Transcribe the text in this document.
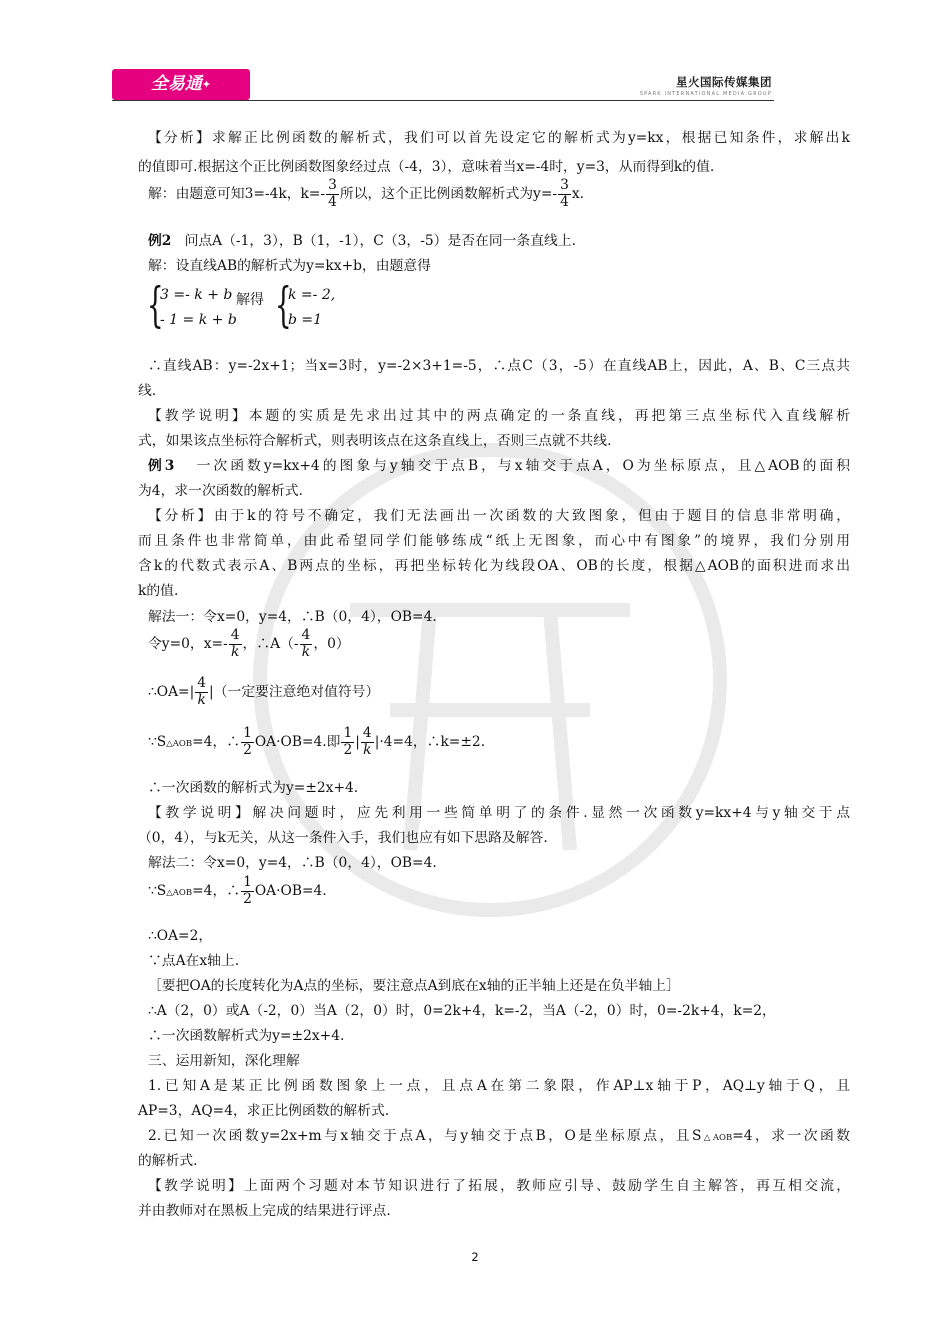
全易通✦	星火国际传媒集团
SPARK INTERNATIONAL MEDIA GROUP
【分析】求解正比例函数的解析式，我们可以首先设定它的解析式为y=kx，根据已知条件，求解出k
的值即可.根据这个正比例函数图象经过点（-4，3），意味着当x=-4时，y=3，从而得到k的值.
解：由题意可知3=-4k，$k=- \frac{3}{4}$ 所以，这个正比例函数解析式为$y=- \frac{3}{4} x$.
例2 问点A（-1，3），B（1，-1），C（3，-5）是否在同一条直线上.
解：设直线AB的解析式为y=kx+b，由题意得
{
3 =- k + b
- 1 = k + b
解得 {
k =- 2,
b =1
∴直线AB：y=-2x+1；当x=3时，y=-2×3+1=-5，∴点C（3，-5）在直线AB上，因此，A、B、C三点共
线.
【教学说明】本题的实质是先求出过其中的两点确定的一条直线，再把第三点坐标代入直线解析
式，如果该点坐标符合解析式，则表明该点在这条直线上，否则三点就不共线.
例3 一次函数y=kx+4的图象与y轴交于点B，与x轴交于点A，O为坐标原点，且△AOB的面积
为4，求一次函数的解析式.
【分析】由于k的符号不确定，我们无法画出一次函数的大致图象，但由于题目的信息非常明确，
而且条件也非常简单，由此希望同学们能够练成“纸上无图象，而心中有图象”的境界，我们分别用
含k的代数式表示A、B两点的坐标，再把坐标转化为线段OA、OB的长度，根据△AOB的面积进而求出
k的值.
解法一：令x=0，y=4，∴B（0，4），OB=4.
令y=0，$x=- \frac{4}{k}$ ，∴A（- $\frac{4}{k}$ ，0）
∴OA=| $\frac{4}{k}$ |（一定要注意绝对值符号）
∵S△AOB=4，∴ $\frac{1}{2} OA\cdot OB=4$.即 $\frac{1}{2}$ | $\frac{4}{k} |\cdot 4=4$，∴k=±2.
∴一次函数的解析式为y=±2x+4.
【教学说明】解决问题时，应先利用一些简单明了的条件.显然一次函数y=kx+4与y轴交于点
（0，4），与k无关，从这一条件入手，我们也应有如下思路及解答.
解法二：令x=0，y=4，∴B（0，4），OB=4.
∵S△AOB=4，∴ $\frac{1}{2} OA\cdot OB=4$.
∴OA=2，
∵点A在x轴上.
［要把OA的长度转化为A点的坐标，要注意点A到底在x轴的正半轴上还是在负半轴上］
∴A（2，0）或A（-2，0）当A（2，0）时，0=2k+4，k=-2，当A（-2，0）时，0=-2k+4，k=2，
∴一次函数解析式为y=±2x+4.
三、运用新知，深化理解
1.已知A是某正比例函数图象上一点，且点A在第二象限，作AP⊥x轴于P，AQ⊥y轴于Q，且
AP=3，AQ=4，求正比例函数的解析式.
2.已知一次函数y=2x+m与x轴交于点A，与y轴交于点B，O是坐标原点，且S△AOB=4，求一次函数
的解析式.
【教学说明】上面两个习题对本节知识进行了拓展，教师应引导、鼓励学生自主解答，再互相交流，
并由教师对在黑板上完成的结果进行评点.
2
